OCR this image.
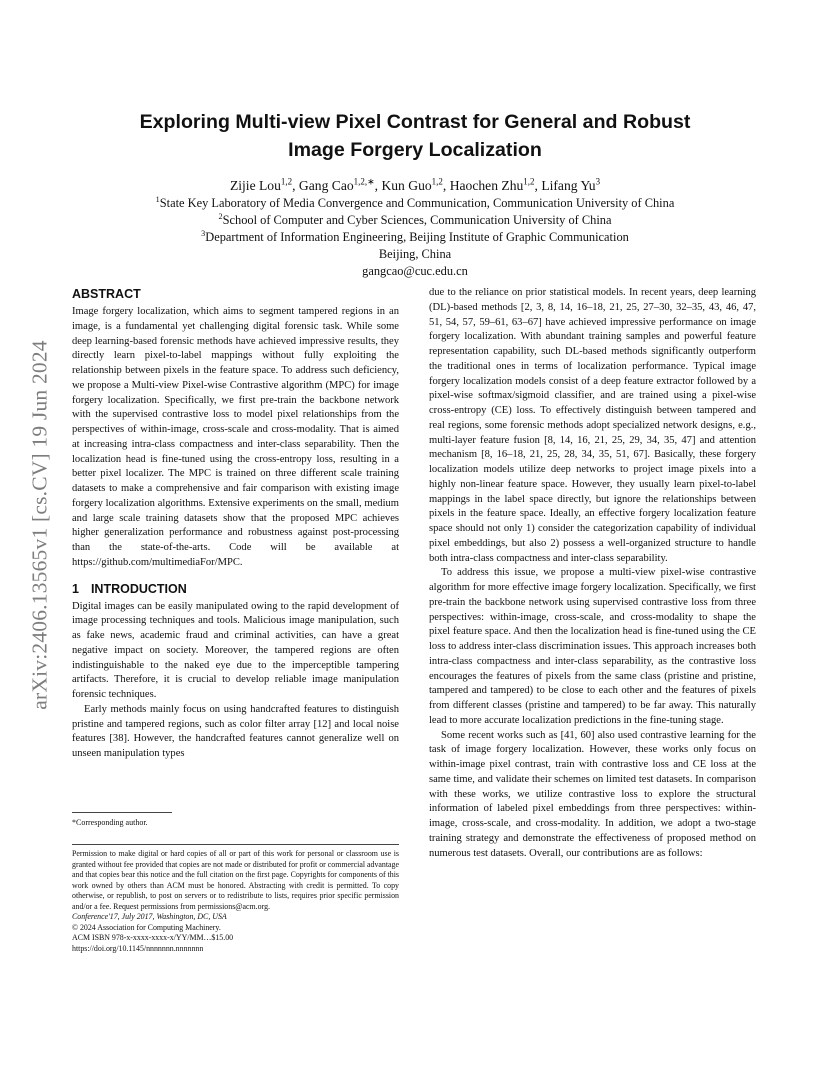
arXiv:2406.13565v1 [cs.CV] 19 Jun 2024
Exploring Multi-view Pixel Contrast for General and Robust
Image Forgery Localization
Zijie Lou$^{1,2}$, Gang Cao$^{1,2,∗}$, Kun Guo$^{1,2}$, Haochen Zhu$^{1,2}$, Lifang Yu$^3$
$^1$State Key Laboratory of Media Convergence and Communication, Communication University of China
$^2$School of Computer and Cyber Sciences, Communication University of China
$^3$Department of Information Engineering, Beijing Institute of Graphic Communication
Beijing, China
gangcao@cuc.edu.cn
ABSTRACT

Image forgery localization, which aims to segment tampered regions in an image, is a fundamental yet challenging digital forensic task. While some deep learning-based forensic methods have achieved impressive results, they directly learn pixel-to-label mappings without fully exploiting the relationship between pixels in the feature space. To address such deficiency, we propose a Multi-view Pixel-wise Contrastive algorithm (MPC) for image forgery localization. Specifically, we first pre-train the backbone network with the supervised contrastive loss to model pixel relationships from the perspectives of within-image, cross-scale and cross-modality. That is aimed at increasing intra-class compactness and inter-class separability. Then the localization head is fine-tuned using the cross-entropy loss, resulting in a better pixel localizer. The MPC is trained on three different scale training datasets to make a comprehensive and fair comparison with existing image forgery localization algorithms. Extensive experiments on the small, medium and large scale training datasets show that the proposed MPC achieves higher generalization performance and robustness against post-processing than the state-of-the-arts. Code will be available at https://github.com/multimediaFor/MPC.

1 INTRODUCTION

Digital images can be easily manipulated owing to the rapid development of image processing techniques and tools. Malicious image manipulation, such as fake news, academic fraud and criminal activities, can have a great negative impact on society. Moreover, the tampered regions are often indistinguishable to the naked eye due to the imperceptible tampering artifacts. Therefore, it is crucial to develop reliable image manipulation forensic techniques.

Early methods mainly focus on using handcrafted features to distinguish pristine and tampered regions, such as color filter array [12] and local noise features [38]. However, the handcrafted features cannot generalize well on unseen manipulation types

*Corresponding author.

Permission to make digital or hard copies of all or part of this work for personal or classroom use is granted without fee provided that copies are not made or distributed for profit or commercial advantage and that copies bear this notice and the full citation on the first page. Copyrights for components of this work owned by others than ACM must be honored. Abstracting with credit is permitted. To copy otherwise, or republish, to post on servers or to redistribute to lists, requires prior specific permission and/or a fee. Request permissions from permissions@acm.org.

Conference'17, July 2017, Washington, DC, USA

© 2024 Association for Computing Machinery.

ACM ISBN 978-x-xxxx-xxxx-x/YY/MM…$15.00

https://doi.org/10.1145/nnnnnnn.nnnnnnn

due to the reliance on prior statistical models. In recent years, deep learning (DL)-based methods [2, 3, 8, 14, 16–18, 21, 25, 27–30, 32–35, 43, 46, 47, 51, 54, 57, 59–61, 63–67] have achieved impressive performance on image forgery localization. With abundant training samples and powerful feature representation capability, such DL-based methods significantly outperform the traditional ones in terms of localization performance. Typical image forgery localization models consist of a deep feature extractor followed by a pixel-wise softmax/sigmoid classifier, and are trained using a pixel-wise cross-entropy (CE) loss. To effectively distinguish between tampered and real regions, some forensic methods adopt specialized network designs, e.g., multi-layer feature fusion [8, 14, 16, 21, 25, 29, 34, 35, 47] and attention mechanism [8, 16–18, 21, 25, 28, 34, 35, 51, 67]. Basically, these forgery localization models utilize deep networks to project image pixels into a highly non-linear feature space. However, they usually learn pixel-to-label mappings in the label space directly, but ignore the relationships between pixels in the feature space. Ideally, an effective forgery localization feature space should not only 1) consider the categorization capability of individual pixel embeddings, but also 2) possess a well-organized structure to handle both intra-class compactness and inter-class separability.

To address this issue, we propose a multi-view pixel-wise contrastive algorithm for more effective image forgery localization. Specifically, we first pre-train the backbone network using supervised contrastive loss from three perspectives: within-image, cross-scale, and cross-modality to shape the pixel feature space. And then the localization head is fine-tuned using the CE loss to address inter-class discrimination issues. This approach increases both intra-class compactness and inter-class separability, as the contrastive loss encourages the features of pixels from the same class (pristine and pristine, tampered and tampered) to be close to each other and the features of pixels from different classes (pristine and tampered) to be far away. This naturally lead to more accurate localization predictions in the fine-tuning stage.

Some recent works such as [41, 60] also used contrastive learning for the task of image forgery localization. However, these works only focus on within-image pixel contrast, train with contrastive loss and CE loss at the same time, and validate their schemes on limited test datasets. In comparison with these works, we utilize contrastive loss to explore the structural information of labeled pixel embeddings from three perspectives: within-image, cross-scale, and cross-modality. In addition, we adopt a two-stage training strategy and demonstrate the effectiveness of proposed method on numerous test datasets. Overall, our contributions are as follows:
